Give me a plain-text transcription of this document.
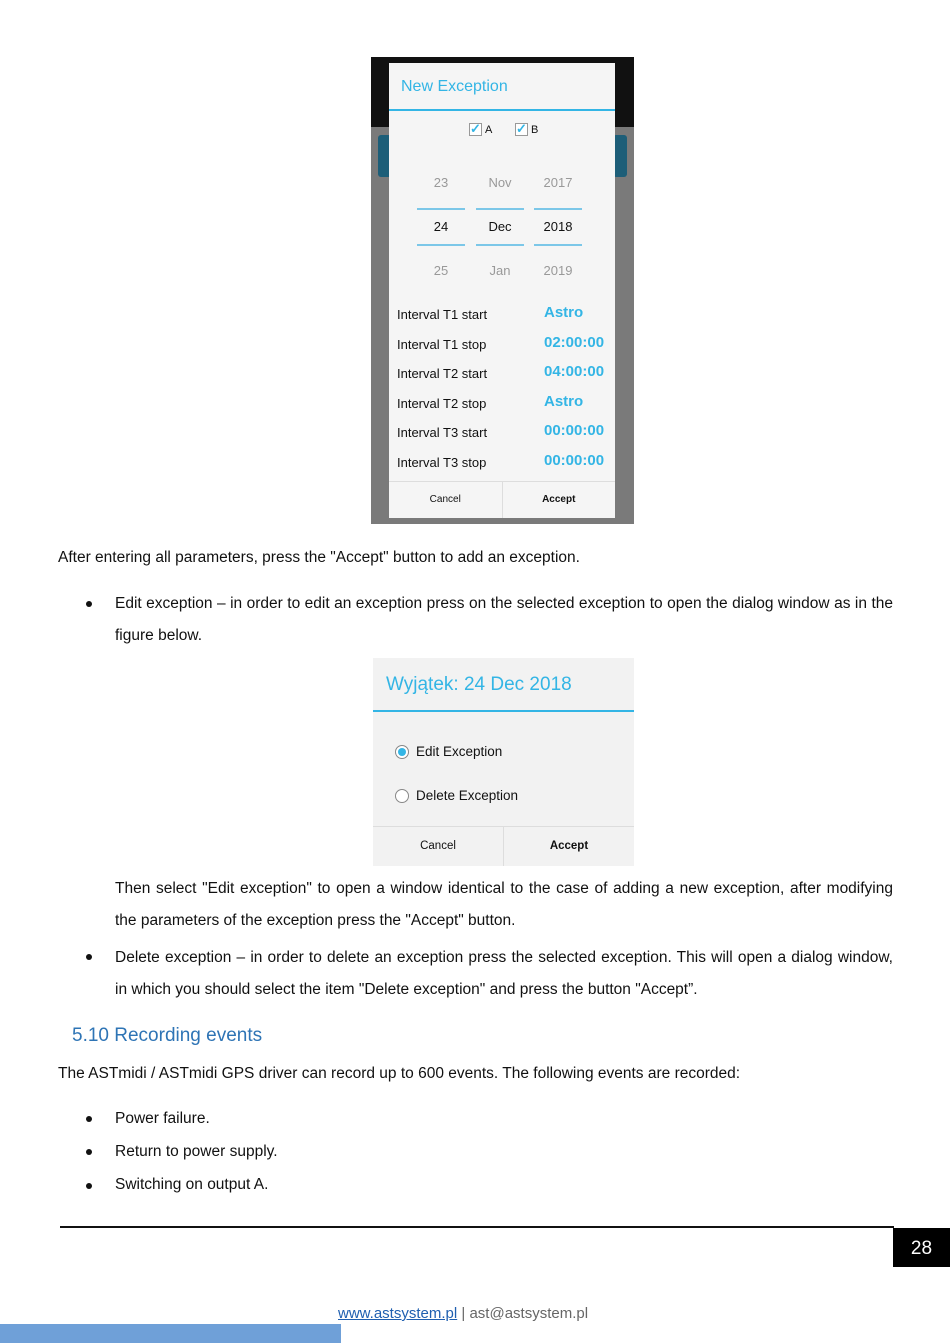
New Exception
✓ A ✓ B
23	Nov	2017
24	Dec	2018
25	Jan	2019
Interval T1 start	Astro
Interval T1 stop	02:00:00
Interval T2 start	04:00:00
Interval T2 stop	Astro
Interval T3 start	00:00:00
Interval T3 stop	00:00:00
Cancel	Accept
After entering all parameters, press the "Accept" button to add an exception.
Edit exception – in order to edit an exception press on the selected exception to open the dialog window as in the figure below.
Wyjątek: 24 Dec 2018
Edit Exception
Delete Exception
Cancel	Accept
Then select "Edit exception" to open a window identical to the case of adding a new exception, after modifying the parameters of the exception press the "Accept" button.
Delete exception – in order to delete an exception press the selected exception. This will open a dialog window, in which you should select the item "Delete exception" and press the button "Accept”.
5.10 Recording events
The ASTmidi / ASTmidi GPS driver can record up to 600 events. The following events are recorded:
Power failure.
Return to power supply.
Switching on output A.
28
www.astsystem.pl | ast@astsystem.pl
